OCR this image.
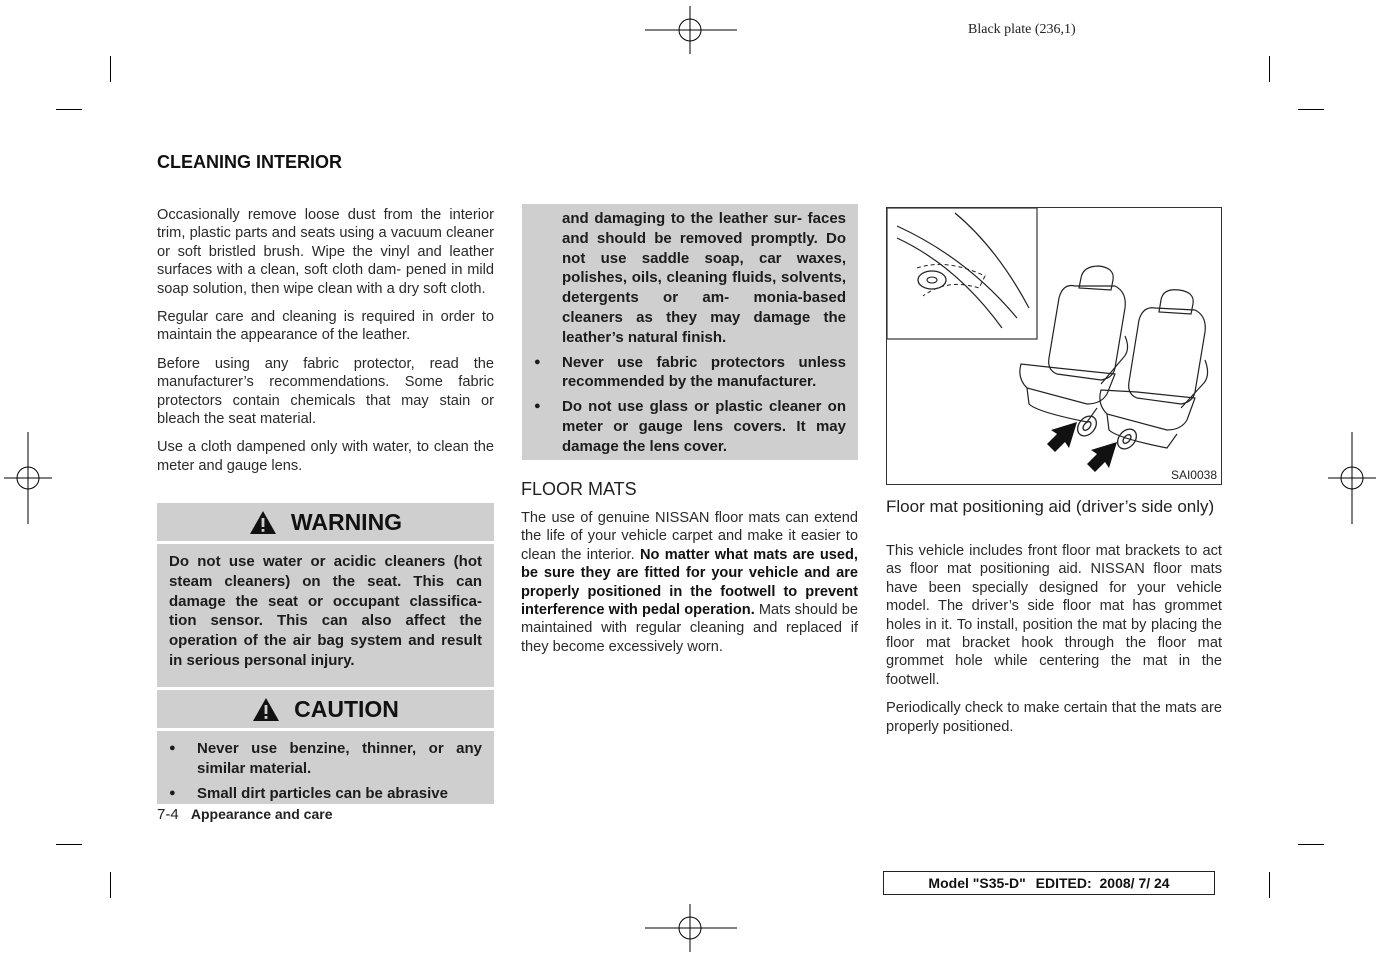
Black plate (236,1)
CLEANING INTERIOR

Occasionally remove loose dust from the interior trim, plastic parts and seats using a vacuum cleaner or soft bristled brush. Wipe the vinyl and leather surfaces with a clean, soft cloth dam- pened in mild soap solution, then wipe clean with a dry soft cloth.

Regular care and cleaning is required in order to maintain the appearance of the leather.

Before using any fabric protector, read the manufacturer’s recommendations. Some fabric protectors contain chemicals that may stain or bleach the seat material.

Use a cloth dampened only with water, to clean the meter and gauge lens.

WARNING
Do not use water or acidic cleaners (hot steam cleaners) on the seat. This can damage the seat or occupant classifica- tion sensor. This can also affect the operation of the air bag system and result in serious personal injury.
CAUTION
● Never use benzine, thinner, or any similar material.
● Small dirt particles can be abrasive
and damaging to the leather sur- faces and should be removed promptly. Do not use saddle soap, car waxes, polishes, oils, cleaning fluids, solvents, detergents or am- monia-based cleaners as they may damage the leather’s natural finish.
● Never use fabric protectors unless recommended by the manufacturer.
● Do not use glass or plastic cleaner on meter or gauge lens covers. It may damage the lens cover.
FLOOR MATS

The use of genuine NISSAN floor mats can extend the life of your vehicle carpet and make it easier to clean the interior. No matter what mats are used, be sure they are fitted for your vehicle and are properly positioned in the footwell to prevent interference with pedal operation. Mats should be maintained with regular cleaning and replaced if they become excessively worn.

SAI0038
Floor mat positioning aid (driver’s side only)

This vehicle includes front floor mat brackets to act as floor mat positioning aid. NISSAN floor mats have been specially designed for your vehicle model. The driver’s side floor mat has grommet holes in it. To install, position the mat by placing the floor mat bracket hook through the floor mat grommet hole while centering the mat in the footwell.

Periodically check to make certain that the mats are properly positioned.

7-4 Appearance and care
Model "S35-D" EDITED: 2008/ 7/ 24
